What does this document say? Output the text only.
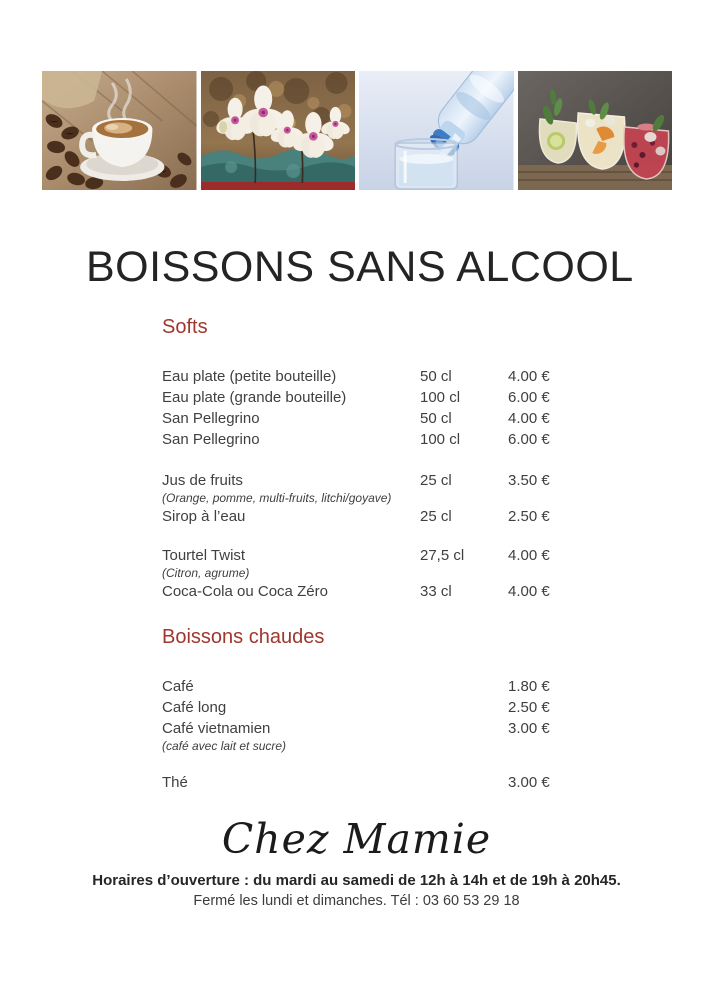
BOISSONS SANS ALCOOL
Softs
Eau plate (petite bouteille)	50 cl	4.00 €
Eau plate (grande bouteille)	100 cl	6.00 €
San Pellegrino	50 cl	4.00 €
San Pellegrino	100 cl	6.00 €
Jus de fruits	25 cl	3.50 €
(Orange, pomme, multi-fruits, litchi/goyave)
Sirop à l’eau	25 cl	2.50 €
Tourtel Twist	27,5 cl	4.00 €
(Citron, agrume)
Coca-Cola ou Coca Zéro	33 cl	4.00 €
Boissons chaudes
Café	1.80 €
Café long	2.50 €
Café vietnamien	3.00 €
(café avec lait et sucre)
Thé	3.00 €
Chez Mamie
Horaires d’ouverture : du mardi au samedi de 12h à 14h et de 19h à 20h45.
Fermé les lundi et dimanches. Tél : 03 60 53 29 18
